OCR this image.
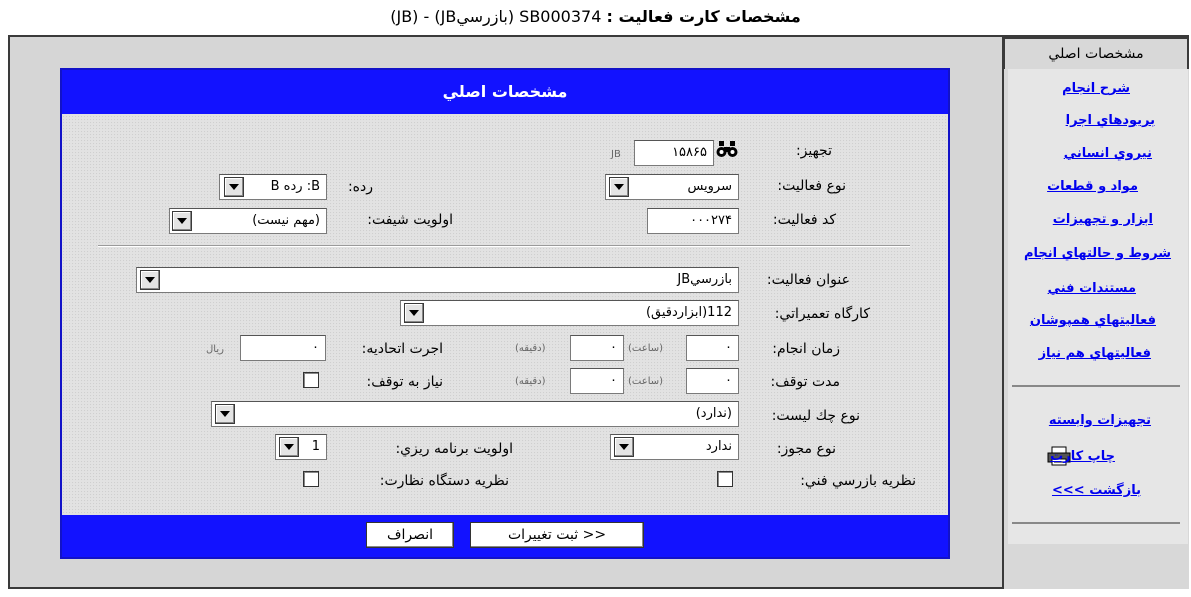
مشخصات كارت فعاليت : SB000374 (بازرسيJB) - (JB)
مشخصات اصلي
شرح انجام
بريودهاي اجرا
نيروي انساني
مواد و قطعات
ابزار و تجهيزات
شروط و حالتهاي انجام
مستندات فني
فعاليتهاي همپوشان
فعاليتهاي هم نياز
تجهيزات وابسته
چاپ كارت
بازگشت >>>
مشخصات اصلي
تجهيز:
۱۵۸۶۵
JB
نوع فعاليت:
سرويس
رده:
B: رده B
كد فعاليت:
۰۰۰۲۷۴
اولويت شيفت:
(مهم نيست)
عنوان فعاليت:
بازرسيJB
كارگاه تعميراتي:
112(ابزاردقيق)
زمان انجام:
۰
(ساعت)
۰
(دقيقه)
اجرت اتحاديه:
۰
ريال
مدت توقف:
۰
(ساعت)
۰
(دقيقه)
نياز به توقف:
نوع چك ليست:
(ندارد)
نوع مجوز:
ندارد
اولويت برنامه ريزي:
1
نظريه بازرسي فني:
نظريه دستگاه نظارت:
<< ثبت تغييرات
انصراف
